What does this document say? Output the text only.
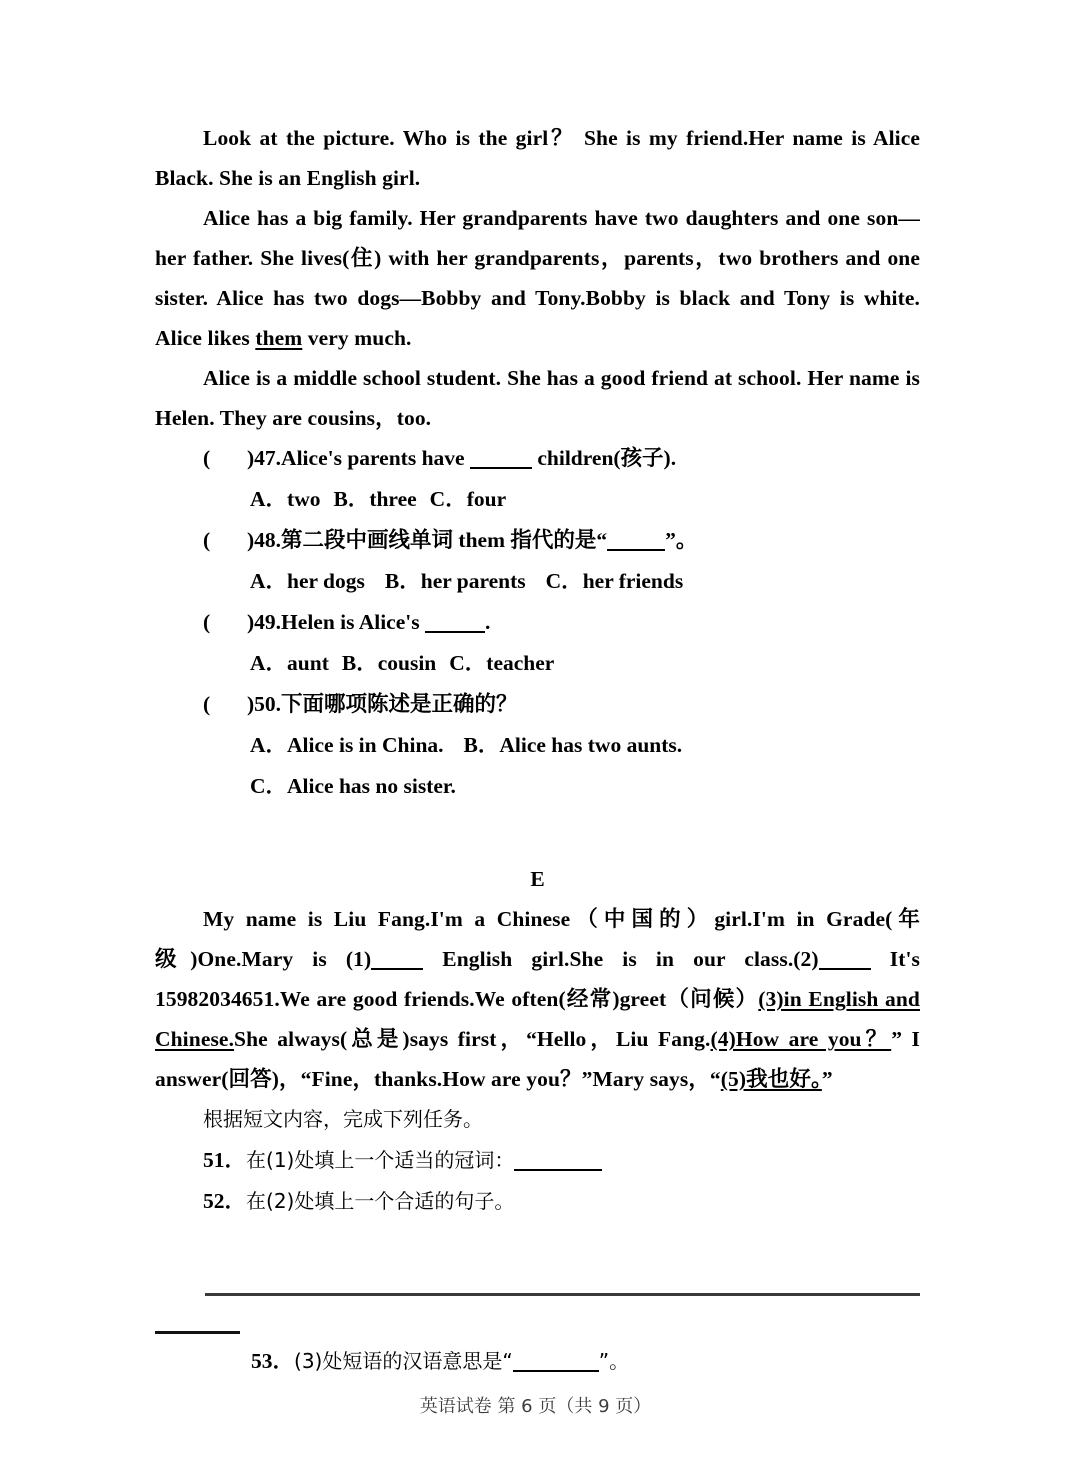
Look at the picture. Who is the girl？ She is my friend.Her name is Alice Black. She is an English girl.

Alice has a big family. Her grandparents have two daughters and one son—her father. She lives(住) with her grandparents，parents，two brothers and one sister. Alice has two dogs—Bobby and Tony.Bobby is black and Tony is white. Alice likes them very much.

Alice is a middle school student. She has a good friend at school. Her name is Helen. They are cousins，too.

( )47.Alice's parents have	children(孩子).

A．two B．three C．four

( )48.第二段中画线单词 them 指代的是“	”。

A．her dogs B．her parents C．her friends

( )49.Helen is Alice's	.

A．aunt B．cousin C．teacher

( )50.下面哪项陈述是正确的？

A．Alice is in China. B．Alice has two aunts.

C．Alice has no sister.

E

My name is Liu Fang.I'm a Chinese（中国的）girl.I'm in Grade(年级)One.Mary is (1) English girl.She is in our class.(2) It's 15982034651.We are good friends.We often(经常)greet（问候）(3)in English and Chinese.She always(总是)says first，“Hello，Liu Fang.(4)How are you？” I answer(回答)，“Fine，thanks.How are you？”Mary says，“(5)我也好。”

根据短文内容，完成下列任务。

51．在(1)处填上一个适当的冠词：

52．在(2)处填上一个合适的句子。

53．(3)处短语的汉语意思是“	”。

英语试卷 第 6 页（共 9 页）
